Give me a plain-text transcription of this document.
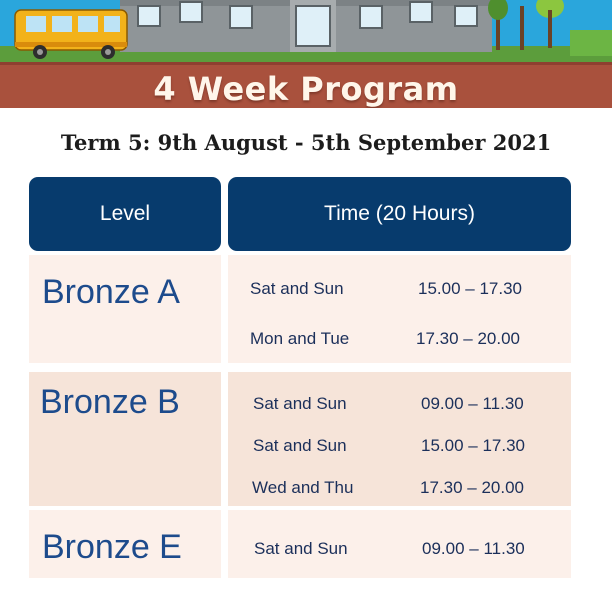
4 Week Program
Term 5: 9th August - 5th September 2021
Level	Time (20 Hours)
Bronze A	Sat and Sun	15.00 – 17.30
Mon and Tue	17.30 – 20.00
Bronze B	Sat and Sun	09.00 – 11.30
Sat and Sun	15.00 – 17.30
Wed and Thu	17.30 – 20.00
Bronze E	Sat and Sun	09.00 – 11.30
